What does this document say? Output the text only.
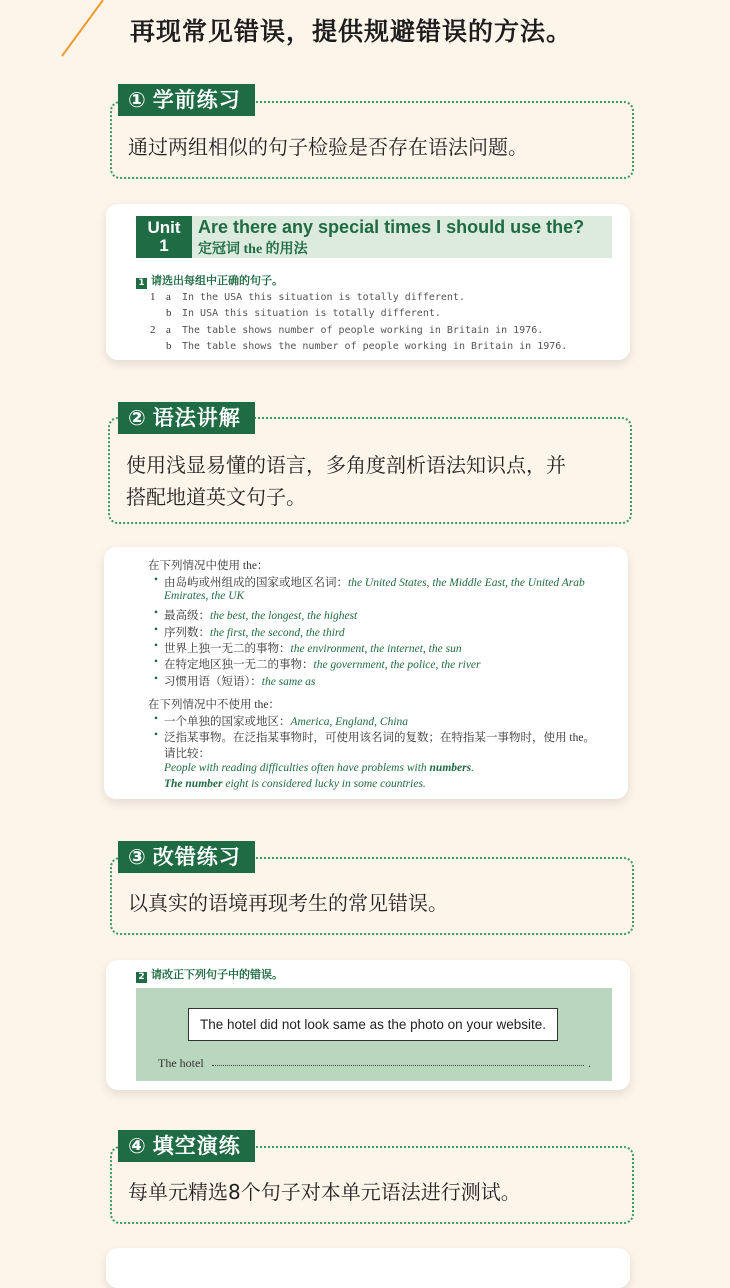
再现常见错误，提供规避错误的方法。
通过两组相似的句子检验是否存在语法问题。
① 学前练习
Unit
1
Are there any special times I should use the?
定冠词 the 的用法
1 请选出每组中正确的句子。
1 a In the USA this situation is totally different.
b In USA this situation is totally different.
2 a The table shows number of people working in Britain in 1976.
b The table shows the number of people working in Britain in 1976.
使用浅显易懂的语言，多角度剖析语法知识点，并
搭配地道英文句子。
② 语法讲解
在下列情况中使用 the：
• 由岛屿或州组成的国家或地区名词：the United States, the Middle East, the United Arab
Emirates, the UK
• 最高级：the best, the longest, the highest
• 序列数：the first, the second, the third
• 世界上独一无二的事物：the environment, the internet, the sun
• 在特定地区独一无二的事物：the government, the police, the river
• 习惯用语（短语）：the same as
在下列情况中不使用 the：
• 一个单独的国家或地区：America, England, China
• 泛指某事物。在泛指某事物时，可使用该名词的复数；在特指某一事物时，使用 the。
请比较：
People with reading difficulties often have problems with numbers.
The number eight is considered lucky in some countries.
以真实的语境再现考生的常见错误。
③ 改错练习
2 请改正下列句子中的错误。
The hotel did not look same as the photo on your website.
The hotel	.
每单元精选8个句子对本单元语法进行测试。
④ 填空演练
